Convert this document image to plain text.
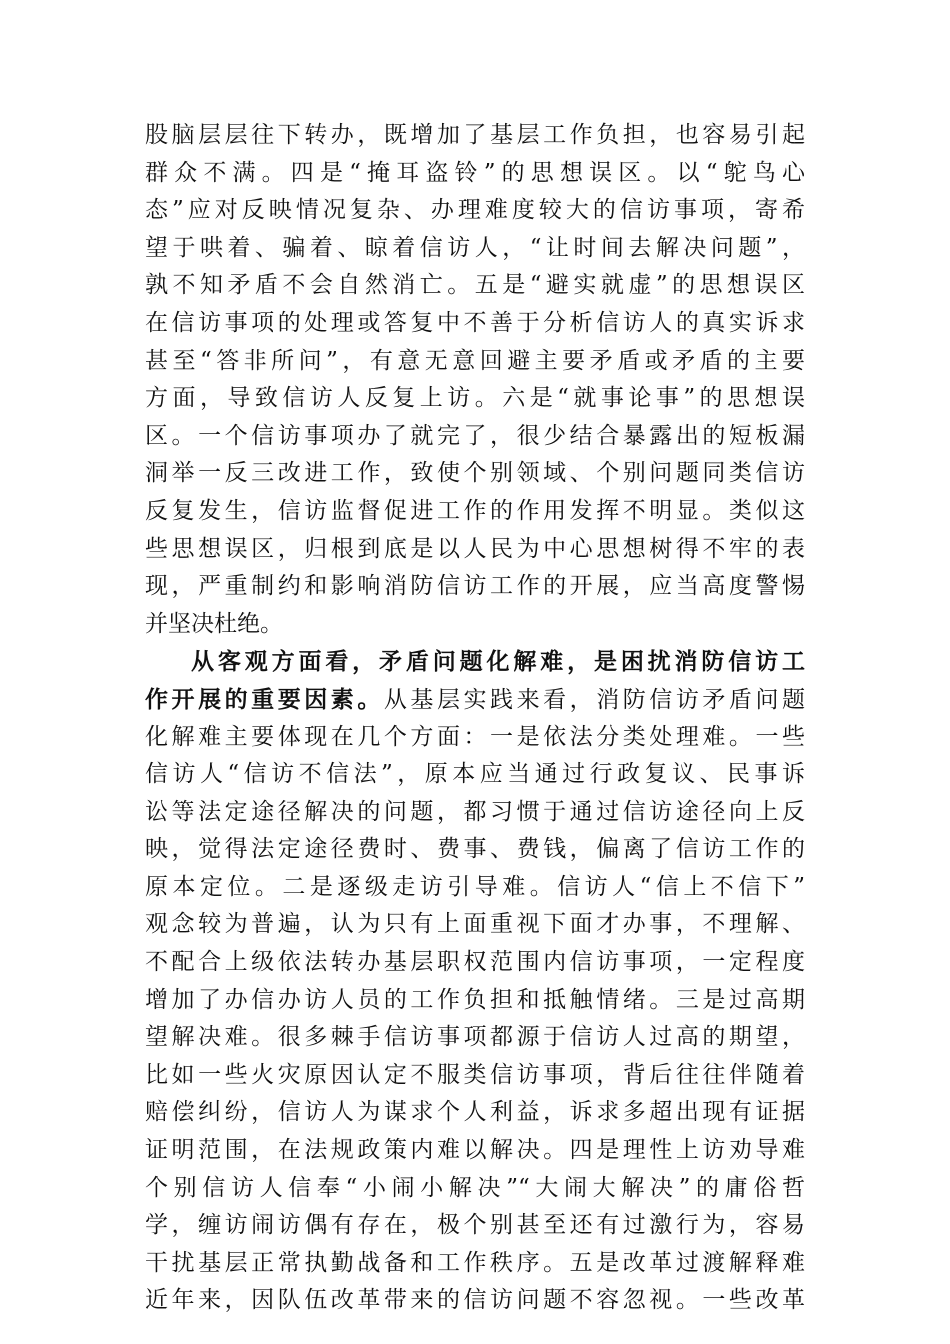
股脑层层往下转办，既增加了基层工作负担，也容易引起
群众不满。四是“掩耳盗铃”的思想误区。以“鸵鸟心
态”应对反映情况复杂、办理难度较大的信访事项，寄希
望于哄着、骗着、晾着信访人，“让时间去解决问题”，
孰不知矛盾不会自然消亡。五是“避实就虚”的思想误区
在信访事项的处理或答复中不善于分析信访人的真实诉求
甚至“答非所问”，有意无意回避主要矛盾或矛盾的主要
方面，导致信访人反复上访。六是“就事论事”的思想误
区。一个信访事项办了就完了，很少结合暴露出的短板漏
洞举一反三改进工作，致使个别领域、个别问题同类信访
反复发生，信访监督促进工作的作用发挥不明显。类似这
些思想误区，归根到底是以人民为中心思想树得不牢的表
现，严重制约和影响消防信访工作的开展，应当高度警惕
并坚决杜绝。
从客观方面看，矛盾问题化解难，是困扰消防信访工
作开展的重要因素。从基层实践来看，消防信访矛盾问题
化解难主要体现在几个方面：一是依法分类处理难。一些
信访人“信访不信法”，原本应当通过行政复议、民事诉
讼等法定途径解决的问题，都习惯于通过信访途径向上反
映，觉得法定途径费时、费事、费钱，偏离了信访工作的
原本定位。二是逐级走访引导难。信访人“信上不信下”
观念较为普遍，认为只有上面重视下面才办事，不理解、
不配合上级依法转办基层职权范围内信访事项，一定程度
增加了办信办访人员的工作负担和抵触情绪。三是过高期
望解决难。很多棘手信访事项都源于信访人过高的期望，
比如一些火灾原因认定不服类信访事项，背后往往伴随着
赔偿纠纷，信访人为谋求个人利益，诉求多超出现有证据
证明范围，在法规政策内难以解决。四是理性上访劝导难
个别信访人信奉“小闹小解决”“大闹大解决”的庸俗哲
学，缠访闹访偶有存在，极个别甚至还有过激行为，容易
干扰基层正常执勤战备和工作秩序。五是改革过渡解释难
近年来，因队伍改革带来的信访问题不容忽视。一些改革
